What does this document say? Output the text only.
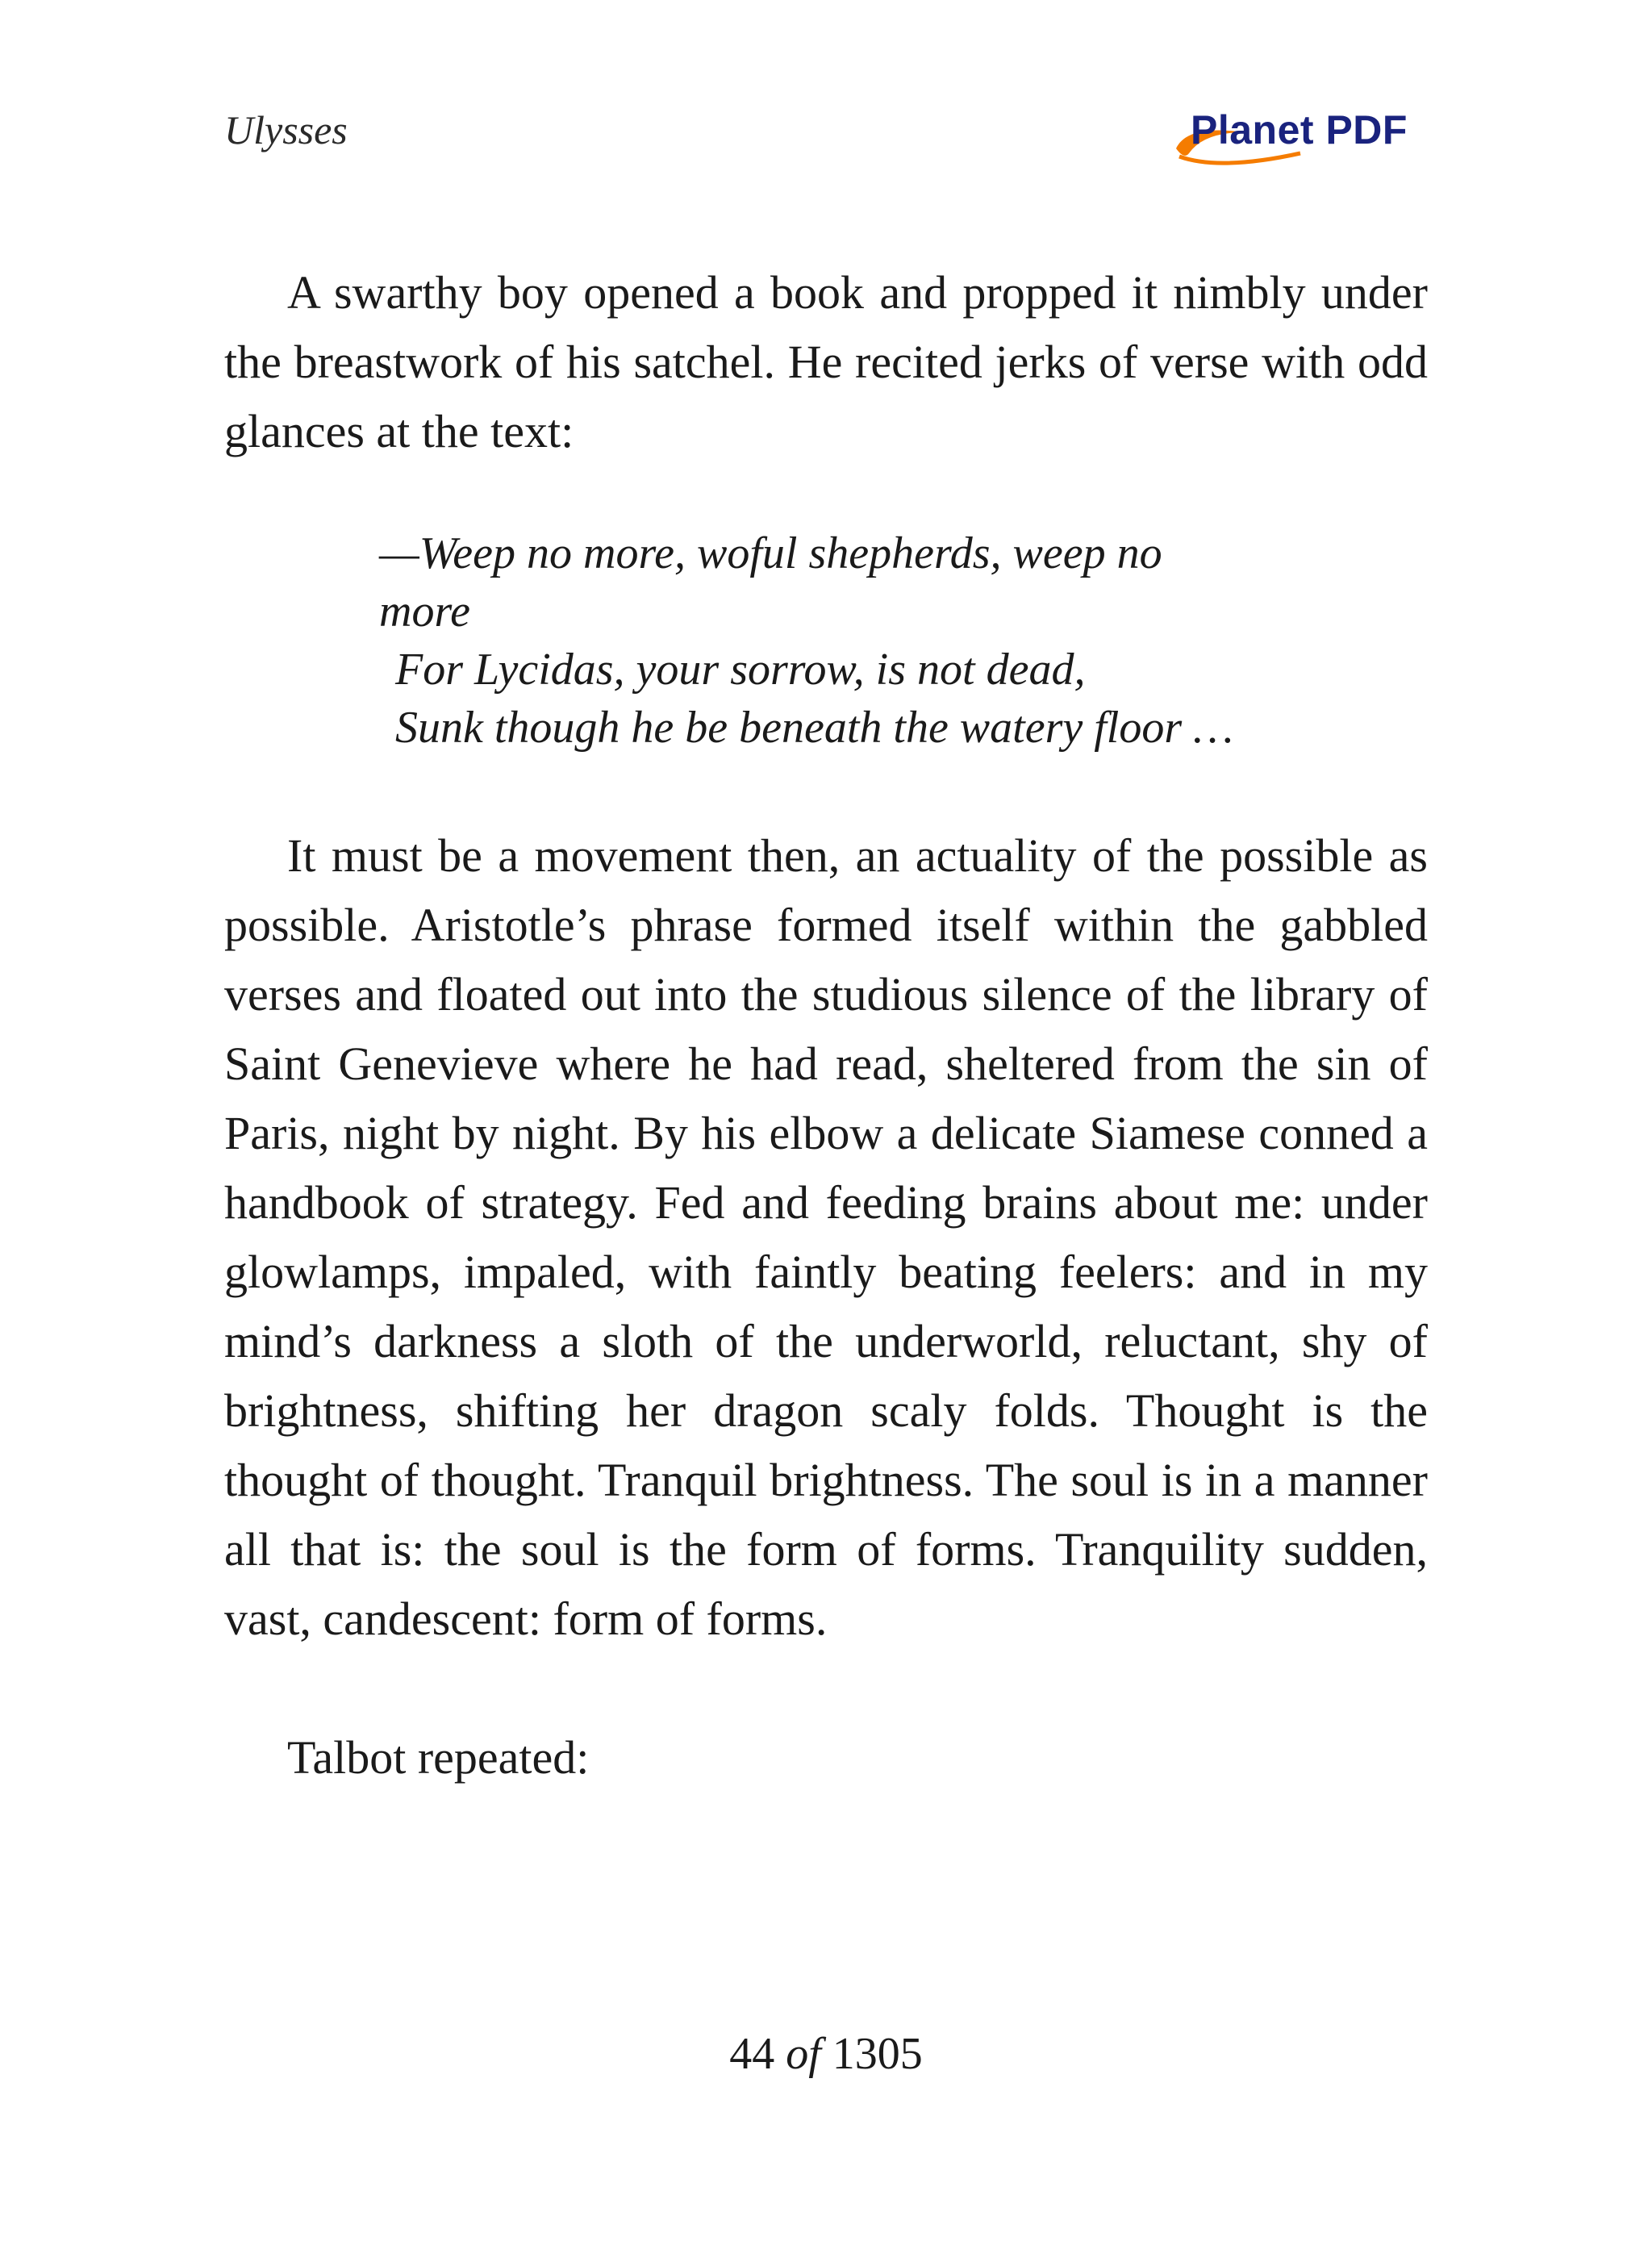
Ulysses	Planet PDF

A swarthy boy opened a book and propped it nimbly under the breastwork of his satchel. He recited jerks of verse with odd glances at the text:

—Weep no more, woful shepherds, weep no
more
For Lycidas, your sorrow, is not dead,
Sunk though he be beneath the watery floor …

It must be a movement then, an actuality of the possible as possible. Aristotle’s phrase formed itself within the gabbled verses and floated out into the studious silence of the library of Saint Genevieve where he had read, sheltered from the sin of Paris, night by night. By his elbow a delicate Siamese conned a handbook of strategy. Fed and feeding brains about me: under glowlamps, impaled, with faintly beating feelers: and in my mind’s darkness a sloth of the underworld, reluctant, shy of brightness, shifting her dragon scaly folds. Thought is the thought of thought. Tranquil brightness. The soul is in a manner all that is: the soul is the form of forms. Tranquility sudden, vast, candescent: form of forms.

Talbot repeated:

44 of 1305
